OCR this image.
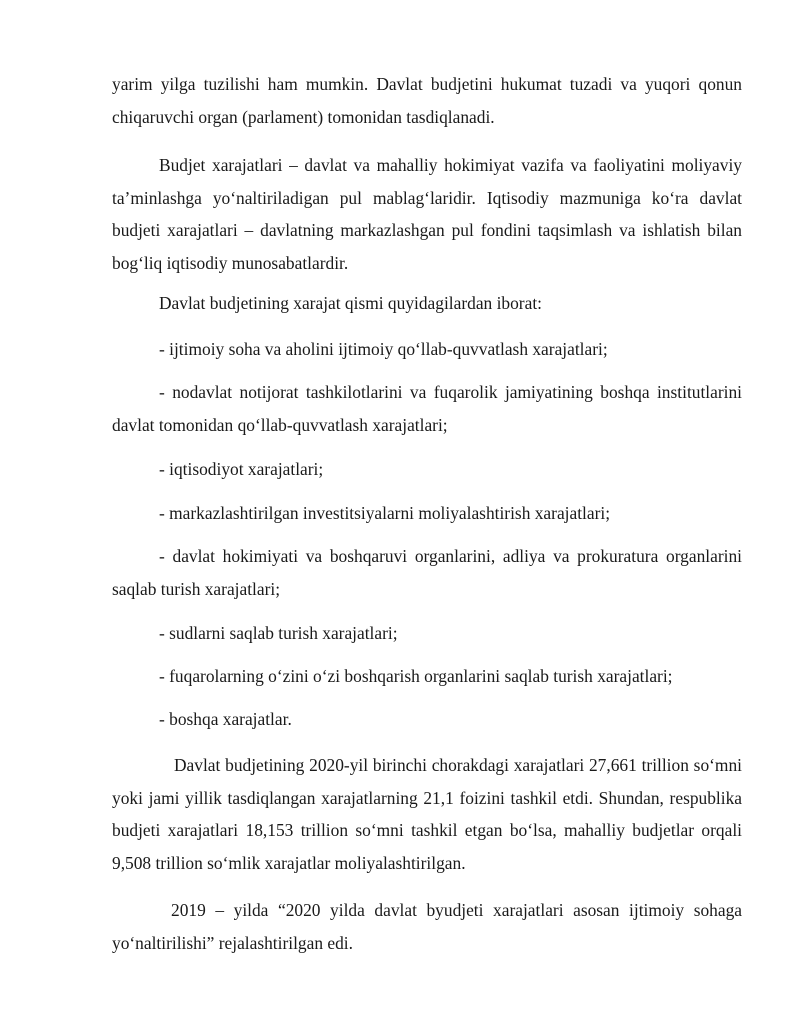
yarim yilga tuzilishi ham mumkin. Davlat budjetini hukumat tuzadi va yuqori qonun chiqaruvchi organ (parlament) tomonidan tasdiqlanadi.

Budjet xarajatlari – davlat va mahalliy hokimiyat vazifa va faoliyatini moliyaviy ta’minlashga yo‘naltiriladigan pul mablag‘laridir. Iqtisodiy mazmuniga ko‘ra davlat budjeti xarajatlari – davlatning markazlashgan pul fondini taqsimlash va ishlatish bilan bog‘liq iqtisodiy munosabatlardir.

Davlat budjetining xarajat qismi quyidagilardan iborat:

- ijtimoiy soha va aholini ijtimoiy qo‘llab-quvvatlash xarajatlari;

- nodavlat notijorat tashkilotlarini va fuqarolik jamiyatining boshqa institutlarini davlat tomonidan qo‘llab-quvvatlash xarajatlari;

- iqtisodiyot xarajatlari;

- markazlashtirilgan investitsiyalarni moliyalashtirish xarajatlari;

- davlat hokimiyati va boshqaruvi organlarini, adliya va prokuratura organlarini saqlab turish xarajatlari;

- sudlarni saqlab turish xarajatlari;

- fuqarolarning o‘zini o‘zi boshqarish organlarini saqlab turish xarajatlari;

- boshqa xarajatlar.

Davlat budjetining 2020-yil birinchi chorakdagi xarajatlari 27,661 trillion so‘mni yoki jami yillik tasdiqlangan xarajatlarning 21,1 foizini tashkil etdi. Shundan, respublika budjeti xarajatlari 18,153 trillion so‘mni tashkil etgan bo‘lsa, mahalliy budjetlar orqali 9,508 trillion so‘mlik xarajatlar moliyalashtirilgan.

2019 – yilda “2020 yilda davlat byudjeti xarajatlari asosan ijtimoiy sohaga yo‘naltirilishi” rejalashtirilgan edi.
